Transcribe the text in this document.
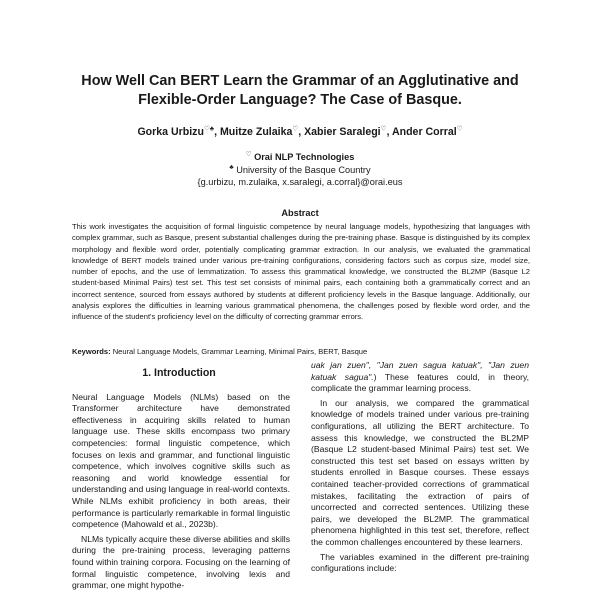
How Well Can BERT Learn the Grammar of an Agglutinative and
Flexible-Order Language? The Case of Basque.
Gorka Urbizu♡♣, Muitze Zulaika♡, Xabier Saralegi♡, Ander Corral♡
♡ Orai NLP Technologies
♣ University of the Basque Country
{g.urbizu, m.zulaika, x.saralegi, a.corral}@orai.eus
Abstract
This work investigates the acquisition of formal linguistic competence by neural language models, hypothesizing that languages with complex grammar, such as Basque, present substantial challenges during the pre-training phase. Basque is distinguished by its complex morphology and flexible word order, potentially complicating grammar extraction. In our analysis, we evaluated the grammatical knowledge of BERT models trained under various pre-training configurations, considering factors such as corpus size, model size, number of epochs, and the use of lemmatization. To assess this grammatical knowledge, we constructed the BL2MP (Basque L2 student-based Minimal Pairs) test set. This test set consists of minimal pairs, each containing both a grammatically correct and an incorrect sentence, sourced from essays authored by students at different proficiency levels in the Basque language. Additionally, our analysis explores the difficulties in learning various grammatical phenomena, the challenges posed by flexible word order, and the influence of the student's proficiency level on the difficulty of correcting grammar errors.
Keywords: Neural Language Models, Grammar Learning, Minimal Pairs, BERT, Basque
1. Introduction

Neural Language Models (NLMs) based on the Transformer architecture have demonstrated effectiveness in acquiring skills related to human language use. These skills encompass two primary competencies: formal linguistic competence, which focuses on lexis and grammar, and functional linguistic competence, which involves cognitive skills such as reasoning and world knowledge essential for understanding and using language in real-world contexts. While NLMs exhibit proficiency in both areas, their performance is particularly remarkable in formal linguistic competence (Mahowald et al., 2023b).

NLMs typically acquire these diverse abilities and skills during the pre-training process, leveraging patterns found within training corpora. Focusing on the learning of formal linguistic competence, involving lexis and grammar, one might hypothe-

uak jan zuen", "Jan zuen sagua katuak", "Jan zuen katuak sagua".) These features could, in theory, complicate the grammar learning process.

In our analysis, we compared the grammatical knowledge of models trained under various pre-training configurations, all utilizing the BERT architecture. To assess this knowledge, we constructed the BL2MP (Basque L2 student-based Minimal Pairs) test set. We constructed this test set based on essays written by students enrolled in Basque courses. These essays contained teacher-provided corrections of grammatical mistakes, facilitating the extraction of pairs of uncorrected and corrected sentences. Utilizing these pairs, we developed the BL2MP. The grammatical phenomena highlighted in this test set, therefore, reflect the common challenges encountered by these learners.

The variables examined in the different pre-training configurations include:
